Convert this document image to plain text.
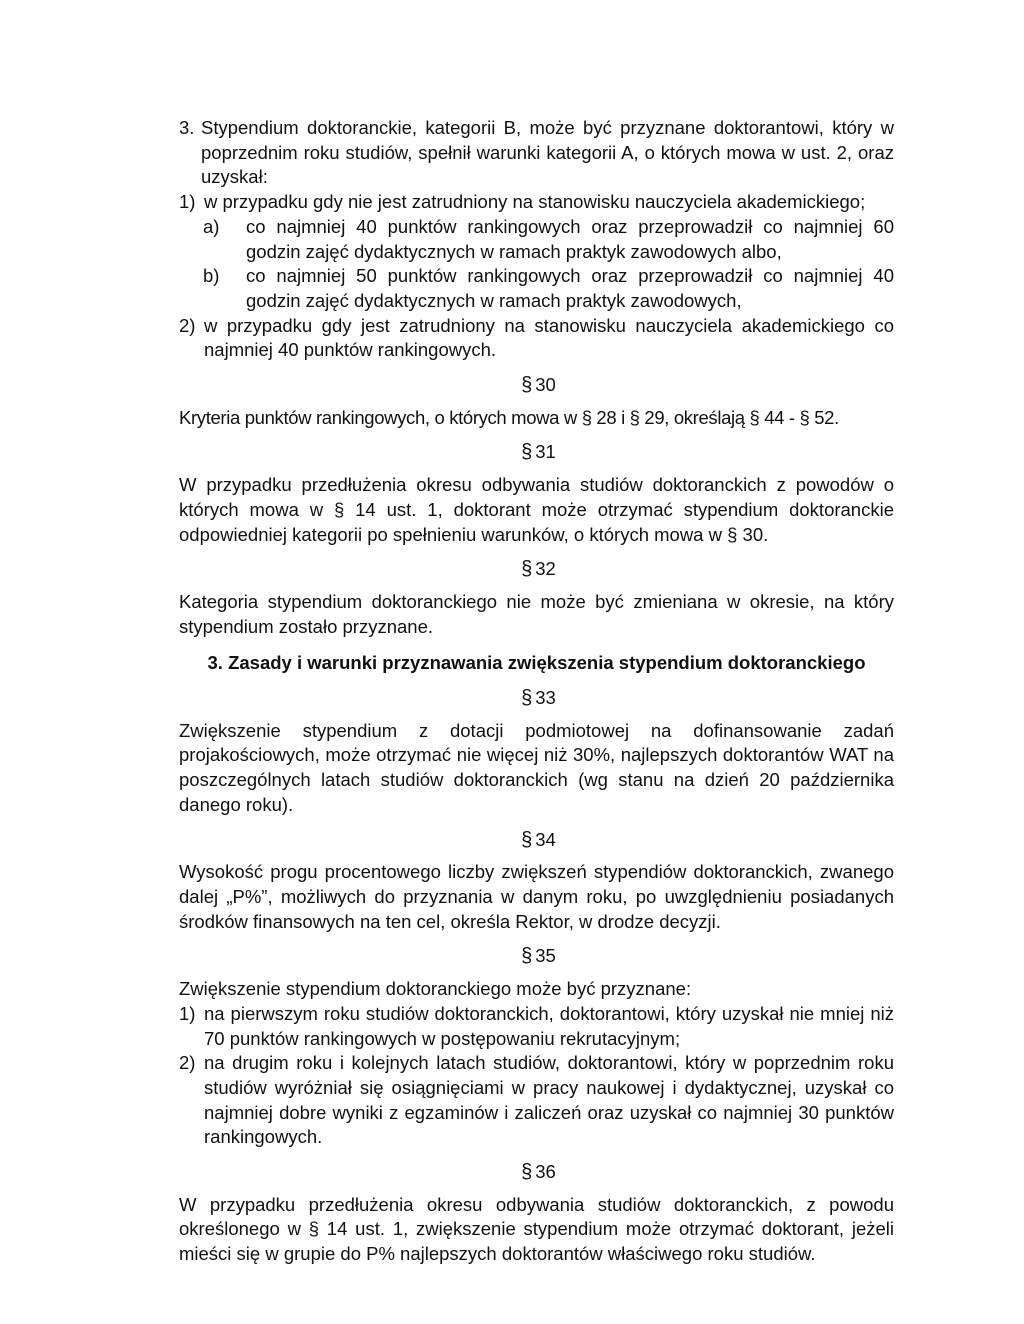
3. Stypendium doktoranckie, kategorii B, może być przyznane doktorantowi, który w poprzednim roku studiów, spełnił warunki kategorii A, o których mowa w ust. 2, oraz uzyskał:
1) w przypadku gdy nie jest zatrudniony na stanowisku nauczyciela akademickiego;
a)	co najmniej 40 punktów rankingowych oraz przeprowadził co najmniej 60 godzin zajęć dydaktycznych w ramach praktyk zawodowych albo,
b)	co najmniej 50 punktów rankingowych oraz przeprowadził co najmniej 40 godzin zajęć dydaktycznych w ramach praktyk zawodowych,
2) w przypadku gdy jest zatrudniony na stanowisku nauczyciela akademickiego co najmniej 40 punktów rankingowych.
§ 30

Kryteria punktów rankingowych, o których mowa w § 28 i § 29, określają § 44 - § 52.

§ 31

W przypadku przedłużenia okresu odbywania studiów doktoranckich z powodów o których mowa w § 14 ust. 1, doktorant może otrzymać stypendium doktoranckie odpowiedniej kategorii po spełnieniu warunków, o których mowa w § 30.

§ 32

Kategoria stypendium doktoranckiego nie może być zmieniana w okresie, na który stypendium zostało przyznane.

3. Zasady i warunki przyznawania zwiększenia stypendium doktoranckiego
§ 33

Zwiększenie stypendium z dotacji podmiotowej na dofinansowanie zadań projakościowych, może otrzymać nie więcej niż 30%, najlepszych doktorantów WAT na poszczególnych latach studiów doktoranckich (wg stanu na dzień 20 października danego roku).

§ 34

Wysokość progu procentowego liczby zwiększeń stypendiów doktoranckich, zwanego dalej „P%”, możliwych do przyznania w danym roku, po uwzględnieniu posiadanych środków finansowych na ten cel, określa Rektor, w drodze decyzji.

§ 35

Zwiększenie stypendium doktoranckiego może być przyznane:

1) na pierwszym roku studiów doktoranckich, doktorantowi, który uzyskał nie mniej niż 70 punktów rankingowych w postępowaniu rekrutacyjnym;
2) na drugim roku i kolejnych latach studiów, doktorantowi, który w poprzednim roku studiów wyróżniał się osiągnięciami w pracy naukowej i dydaktycznej, uzyskał co najmniej dobre wyniki z egzaminów i zaliczeń oraz uzyskał co najmniej 30 punktów rankingowych.
§ 36

W przypadku przedłużenia okresu odbywania studiów doktoranckich, z powodu określonego w § 14 ust. 1, zwiększenie stypendium może otrzymać doktorant, jeżeli mieści się w grupie do P% najlepszych doktorantów właściwego roku studiów.
